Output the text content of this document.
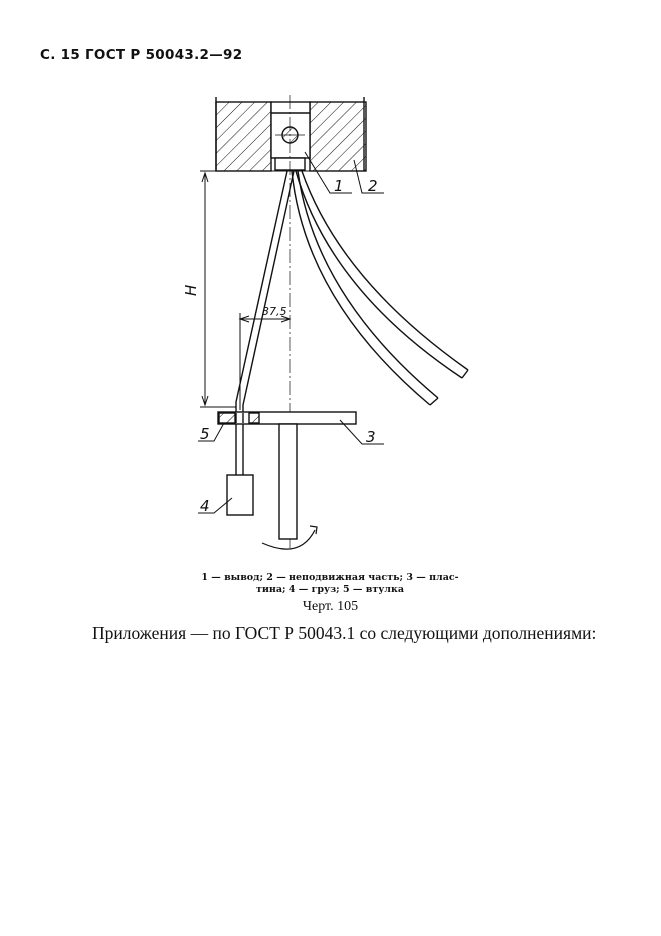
С. 15 ГОСТ Р 50043.2—92
H
37,5
1 2
3
5
4
1 — вывод; 2 — неподвижная часть; 3 — плас-
тина; 4 — груз; 5 — втулка
Черт. 105
Приложения — по ГОСТ Р 50043.1 со следующими дополнениями:
